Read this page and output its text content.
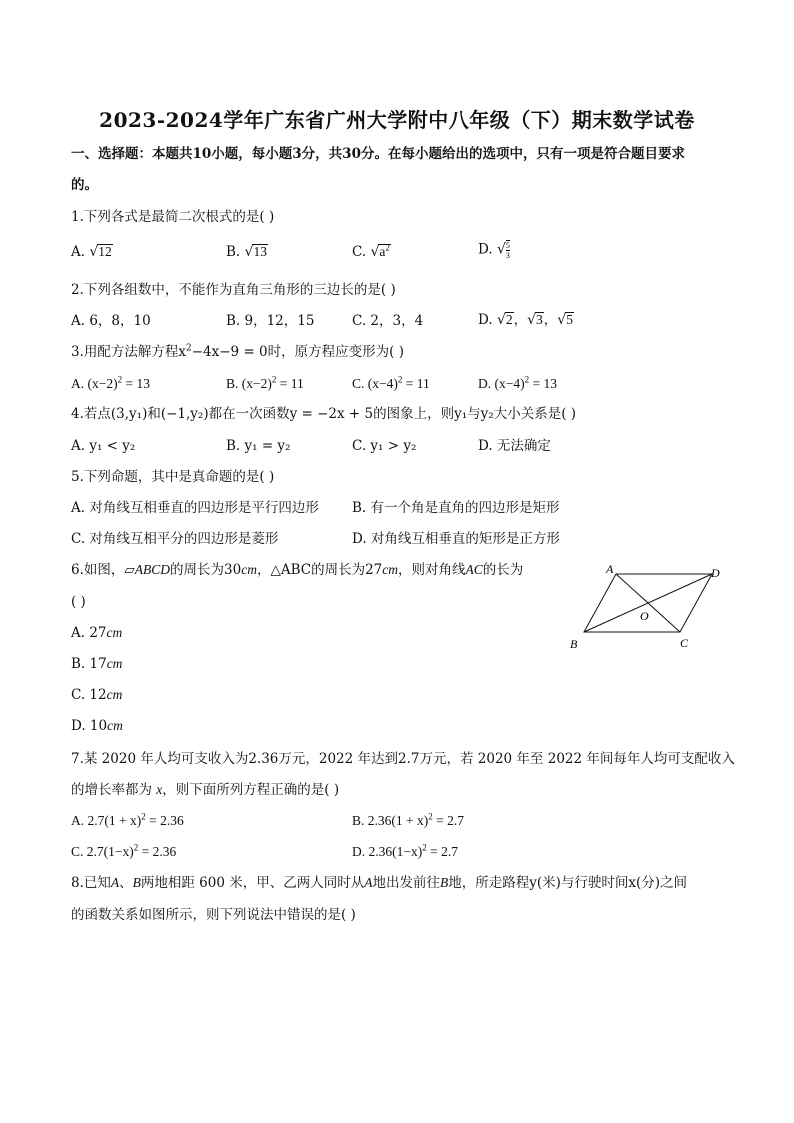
2023-2024学年广东省广州大学附中八年级（下）期末数学试卷
一、选择题：本题共10小题，每小题3分，共30分。在每小题给出的选项中，只有一项是符合题目要求
的。
1.下列各式是最简二次根式的是( )
A. √12	B. √13	C. $√a^2$	D. √ $\frac{5}{3}$
2.下列各组数中，不能作为直角三角形的三边长的是( )
A. 6，8，10	B. 9，12，15	C. 2，3，4	D. √2，√3，√5
3.用配方法解方程$x^2-4x-9 = 0$时，原方程应变形为( )
A. $(x-2)^2 = 13$	B. $(x-2)^2 = 11$	C. $(x-4)^2 = 11$	D. $(x-4)^2 = 13$
4.若点(3,y₁)和(−1,y₂)都在一次函数y = −2x + 5的图象上，则y₁与y₂大小关系是( )
A. y₁ < y₂	B. y₁ = y₂	C. y₁ > y₂	D. 无法确定
5.下列命题，其中是真命题的是( )
A. 对角线互相垂直的四边形是平行四边形 B. 有一个角是直角的四边形是矩形
C. 对角线互相平分的四边形是菱形	D. 对角线互相垂直的矩形是正方形
6.如图，▱ABCD的周长为30cm，△ABC的周长为27cm，则对角线AC的长为
( )
A. 27cm
B. 17cm
C. 12cm
D. 10cm
A	D
B	C
O
7.某 2020 年人均可支收入为2.36万元，2022 年达到2.7万元，若 2020 年至 2022 年间每年人均可支配收入
的增长率都为 x，则下面所列方程正确的是( )
A. $2.7(1 + x)^2 = 2.36$	B. $2.36(1 + x)^2 = 2.7$
C. $2.7(1-x)^2 = 2.36$	D. $2.36(1-x)^2 = 2.7$
8.已知A、B两地相距 600 米，甲、乙两人同时从A地出发前往B地，所走路程y(米)与行驶时间x(分)之间
的函数关系如图所示，则下列说法中错误的是( )
